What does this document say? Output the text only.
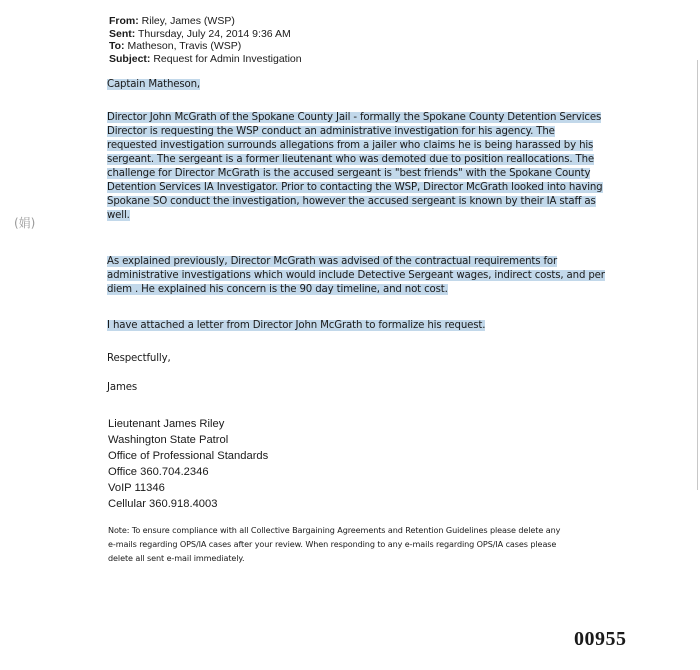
(娟)
From: Riley, James (WSP)
Sent: Thursday, July 24, 2014 9:36 AM
To: Matheson, Travis (WSP)
Subject: Request for Admin Investigation
Captain Matheson,
Director John McGrath of the Spokane County Jail - formally the Spokane County Detention Services
Director is requesting the WSP conduct an administrative investigation for his agency. The
requested investigation surrounds allegations from a jailer who claims he is being harassed by his
sergeant. The sergeant is a former lieutenant who was demoted due to position reallocations. The
challenge for Director McGrath is the accused sergeant is "best friends" with the Spokane County
Detention Services IA Investigator. Prior to contacting the WSP, Director McGrath looked into having
Spokane SO conduct the investigation, however the accused sergeant is known by their IA staff as
well.
As explained previously, Director McGrath was advised of the contractual requirements for
administrative investigations which would include Detective Sergeant wages, indirect costs, and per
diem . He explained his concern is the 90 day timeline, and not cost.
I have attached a letter from Director John McGrath to formalize his request.
Respectfully,
James
Lieutenant James Riley
Washington State Patrol
Office of Professional Standards
Office 360.704.2346
VoIP 11346
Cellular 360.918.4003
Note: To ensure compliance with all Collective Bargaining Agreements and Retention Guidelines please delete any
e-mails regarding OPS/IA cases after your review. When responding to any e-mails regarding OPS/IA cases please
delete all sent e-mail immediately.
00955
